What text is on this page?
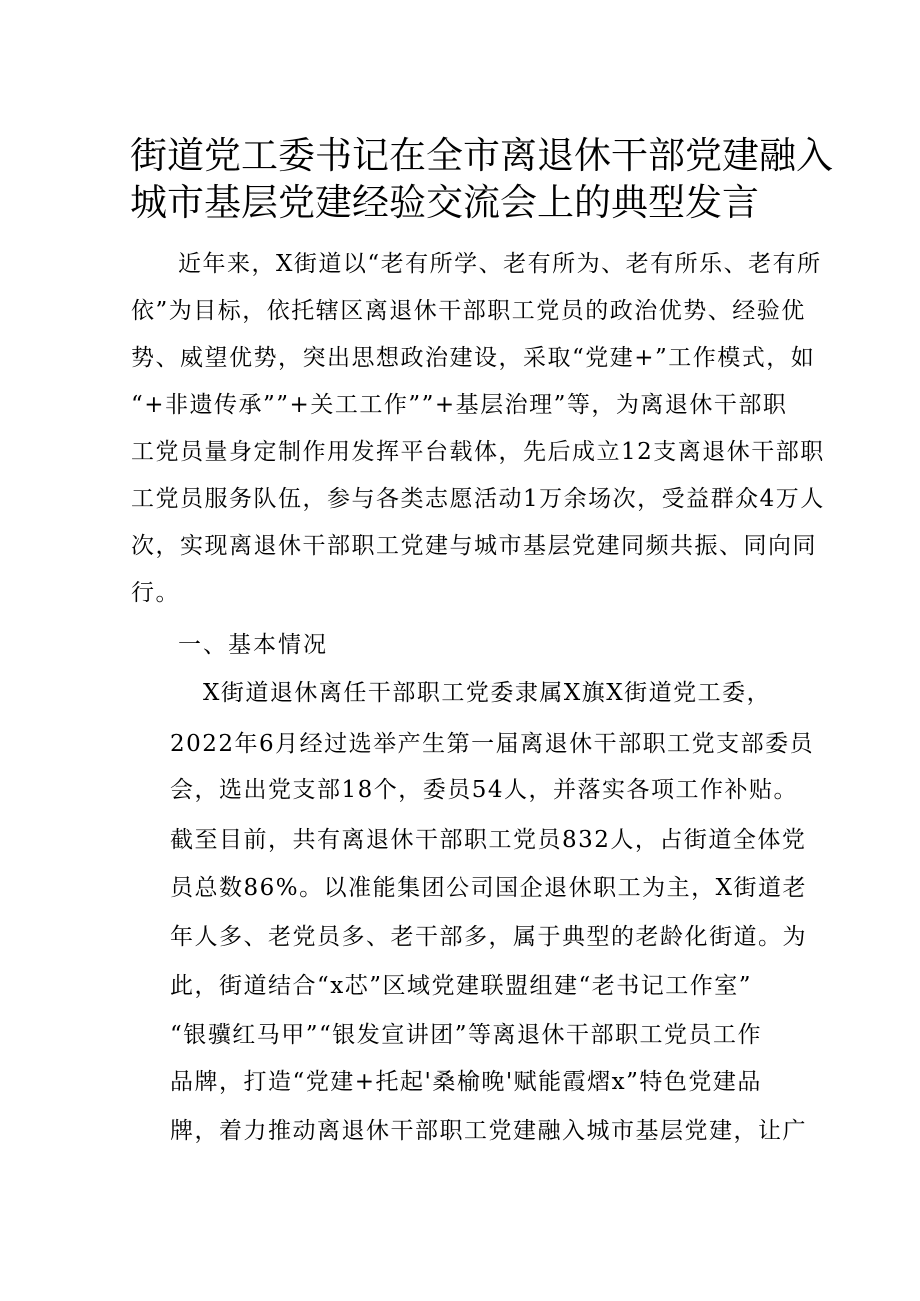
街道党工委书记在全市离退休干部党建融入
城市基层党建经验交流会上的典型发言
近年来，X街道以“老有所学、老有所为、老有所乐、老有所
依”为目标，依托辖区离退休干部职工党员的政治优势、经验优
势、威望优势，突出思想政治建设，采取“党建+”工作模式，如
“+非遗传承””+关工工作””+基层治理”等，为离退休干部职
工党员量身定制作用发挥平台载体，先后成立12支离退休干部职
工党员服务队伍，参与各类志愿活动1万余场次，受益群众4万人
次，实现离退休干部职工党建与城市基层党建同频共振、同向同
行。
一、基本情况
X街道退休离任干部职工党委隶属X旗X街道党工委，
2022年6月经过选举产生第一届离退休干部职工党支部委员
会，选出党支部18个，委员54人，并落实各项工作补贴。
截至目前，共有离退休干部职工党员832人，占街道全体党
员总数86%。以准能集团公司国企退休职工为主，X街道老
年人多、老党员多、老干部多，属于典型的老龄化街道。为
此，街道结合“x芯”区域党建联盟组建“老书记工作室”
“银骥红马甲”“银发宣讲团”等离退休干部职工党员工作
品牌，打造“党建+托起'桑榆晚'赋能霞熠x”特色党建品
牌，着力推动离退休干部职工党建融入城市基层党建，让广
